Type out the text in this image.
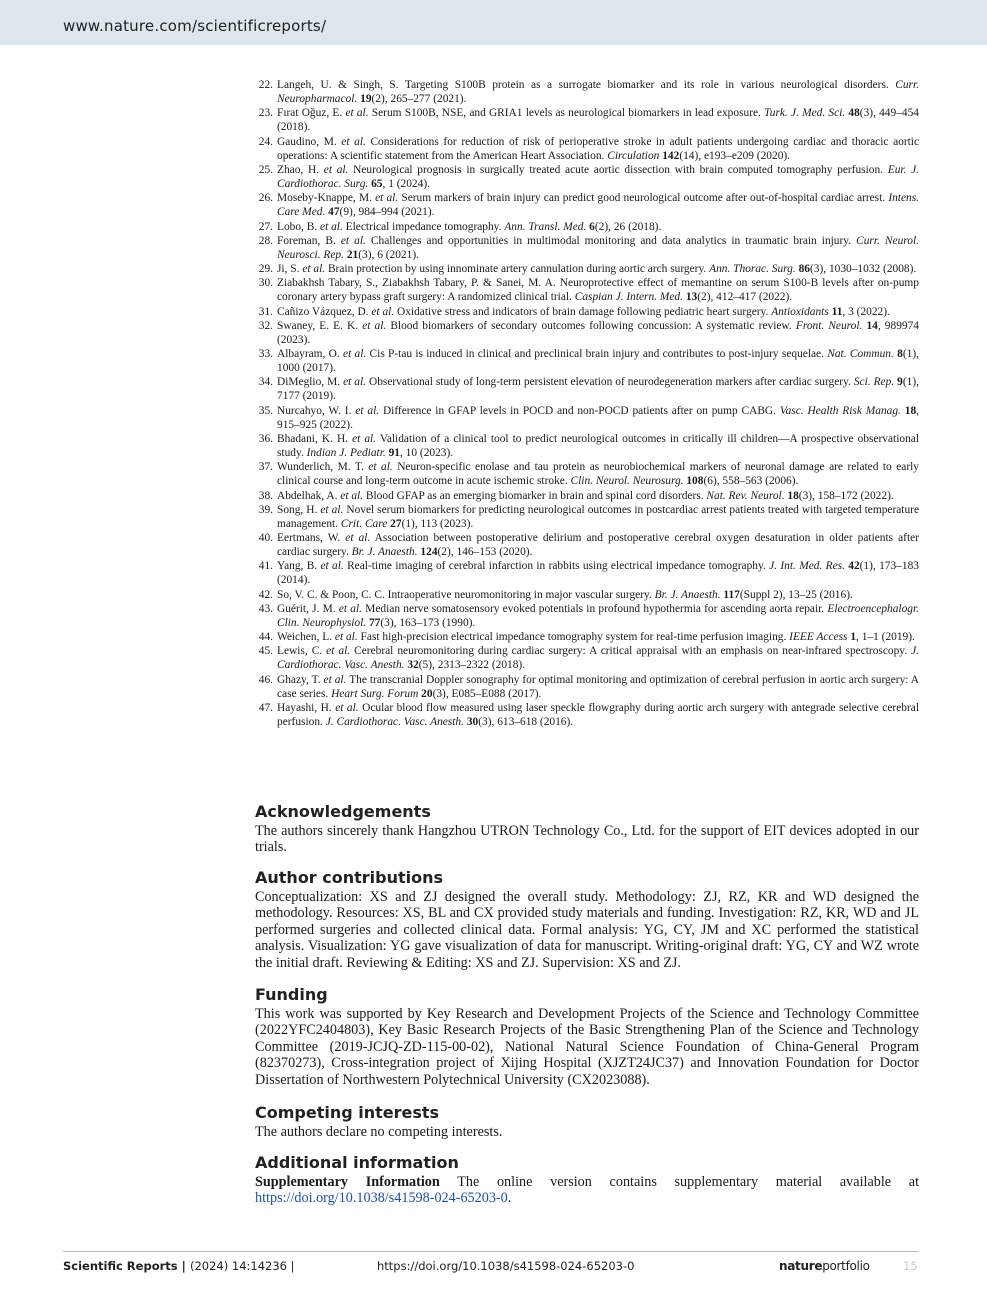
www.nature.com/scientificreports/
22. Langeh, U. & Singh, S. Targeting S100B protein as a surrogate biomarker and its role in various neurological disorders. Curr. Neuropharmacol. 19(2), 265–277 (2021).
23. Fırat Oğuz, E. et al. Serum S100B, NSE, and GRIA1 levels as neurological biomarkers in lead exposure. Turk. J. Med. Sci. 48(3), 449–454 (2018).
24. Gaudino, M. et al. Considerations for reduction of risk of perioperative stroke in adult patients undergoing cardiac and thoracic aortic operations: A scientific statement from the American Heart Association. Circulation 142(14), e193–e209 (2020).
25. Zhao, H. et al. Neurological prognosis in surgically treated acute aortic dissection with brain computed tomography perfusion. Eur. J. Cardiothorac. Surg. 65, 1 (2024).
26. Moseby-Knappe, M. et al. Serum markers of brain injury can predict good neurological outcome after out-of-hospital cardiac arrest. Intens. Care Med. 47(9), 984–994 (2021).
27. Lobo, B. et al. Electrical impedance tomography. Ann. Transl. Med. 6(2), 26 (2018).
28. Foreman, B. et al. Challenges and opportunities in multimodal monitoring and data analytics in traumatic brain injury. Curr. Neurol. Neurosci. Rep. 21(3), 6 (2021).
29. Ji, S. et al. Brain protection by using innominate artery cannulation during aortic arch surgery. Ann. Thorac. Surg. 86(3), 1030–1032 (2008).
30. Ziabakhsh Tabary, S., Ziabakhsh Tabary, P. & Sanei, M. A. Neuroprotective effect of memantine on serum S100-B levels after on-pump coronary artery bypass graft surgery: A randomized clinical trial. Caspian J. Intern. Med. 13(2), 412–417 (2022).
31. Cañizo Vázquez, D. et al. Oxidative stress and indicators of brain damage following pediatric heart surgery. Antioxidants 11, 3 (2022).
32. Swaney, E. E. K. et al. Blood biomarkers of secondary outcomes following concussion: A systematic review. Front. Neurol. 14, 989974 (2023).
33. Albayram, O. et al. Cis P-tau is induced in clinical and preclinical brain injury and contributes to post-injury sequelae. Nat. Commun. 8(1), 1000 (2017).
34. DiMeglio, M. et al. Observational study of long-term persistent elevation of neurodegeneration markers after cardiac surgery. Sci. Rep. 9(1), 7177 (2019).
35. Nurcahyo, W. I. et al. Difference in GFAP levels in POCD and non-POCD patients after on pump CABG. Vasc. Health Risk Manag. 18, 915–925 (2022).
36. Bhadani, K. H. et al. Validation of a clinical tool to predict neurological outcomes in critically ill children—A prospective observational study. Indian J. Pediatr. 91, 10 (2023).
37. Wunderlich, M. T. et al. Neuron-specific enolase and tau protein as neurobiochemical markers of neuronal damage are related to early clinical course and long-term outcome in acute ischemic stroke. Clin. Neurol. Neurosurg. 108(6), 558–563 (2006).
38. Abdelhak, A. et al. Blood GFAP as an emerging biomarker in brain and spinal cord disorders. Nat. Rev. Neurol. 18(3), 158–172 (2022).
39. Song, H. et al. Novel serum biomarkers for predicting neurological outcomes in postcardiac arrest patients treated with targeted temperature management. Crit. Care 27(1), 113 (2023).
40. Eertmans, W. et al. Association between postoperative delirium and postoperative cerebral oxygen desaturation in older patients after cardiac surgery. Br. J. Anaesth. 124(2), 146–153 (2020).
41. Yang, B. et al. Real-time imaging of cerebral infarction in rabbits using electrical impedance tomography. J. Int. Med. Res. 42(1), 173–183 (2014).
42. So, V. C. & Poon, C. C. Intraoperative neuromonitoring in major vascular surgery. Br. J. Anaesth. 117(Suppl 2), 13–25 (2016).
43. Guérit, J. M. et al. Median nerve somatosensory evoked potentials in profound hypothermia for ascending aorta repair. Electroencephalogr. Clin. Neurophysiol. 77(3), 163–173 (1990).
44. Weichen, L. et al. Fast high-precision electrical impedance tomography system for real-time perfusion imaging. IEEE Access 1, 1–1 (2019).
45. Lewis, C. et al. Cerebral neuromonitoring during cardiac surgery: A critical appraisal with an emphasis on near-infrared spectroscopy. J. Cardiothorac. Vasc. Anesth. 32(5), 2313–2322 (2018).
46. Ghazy, T. et al. The transcranial Doppler sonography for optimal monitoring and optimization of cerebral perfusion in aortic arch surgery: A case series. Heart Surg. Forum 20(3), E085–E088 (2017).
47. Hayashi, H. et al. Ocular blood flow measured using laser speckle flowgraphy during aortic arch surgery with antegrade selective cerebral perfusion. J. Cardiothorac. Vasc. Anesth. 30(3), 613–618 (2016).
Acknowledgements

The authors sincerely thank Hangzhou UTRON Technology Co., Ltd. for the support of EIT devices adopted in our trials.

Author contributions

Conceptualization: XS and ZJ designed the overall study. Methodology: ZJ, RZ, KR and WD designed the methodology. Resources: XS, BL and CX provided study materials and funding. Investigation: RZ, KR, WD and JL performed surgeries and collected clinical data. Formal analysis: YG, CY, JM and XC performed the statistical analysis. Visualization: YG gave visualization of data for manuscript. Writing-original draft: YG, CY and WZ wrote the initial draft. Reviewing & Editing: XS and ZJ. Supervision: XS and ZJ.

Funding

This work was supported by Key Research and Development Projects of the Science and Technology Committee (2022YFC2404803), Key Basic Research Projects of the Basic Strengthening Plan of the Science and Technology Committee (2019-JCJQ-ZD-115-00-02), National Natural Science Foundation of China-General Program (82370273), Cross-integration project of Xijing Hospital (XJZT24JC37) and Innovation Foundation for Doctor Dissertation of Northwestern Polytechnical University (CX2023088).

Competing interests

The authors declare no competing interests.

Additional information

Supplementary Information The online version contains supplementary material available at https://doi.org/10.1038/s41598-024-65203-0.

Scientific Reports | (2024) 14:14236 |	https://doi.org/10.1038/s41598-024-65203-0	natureportfolio	15
